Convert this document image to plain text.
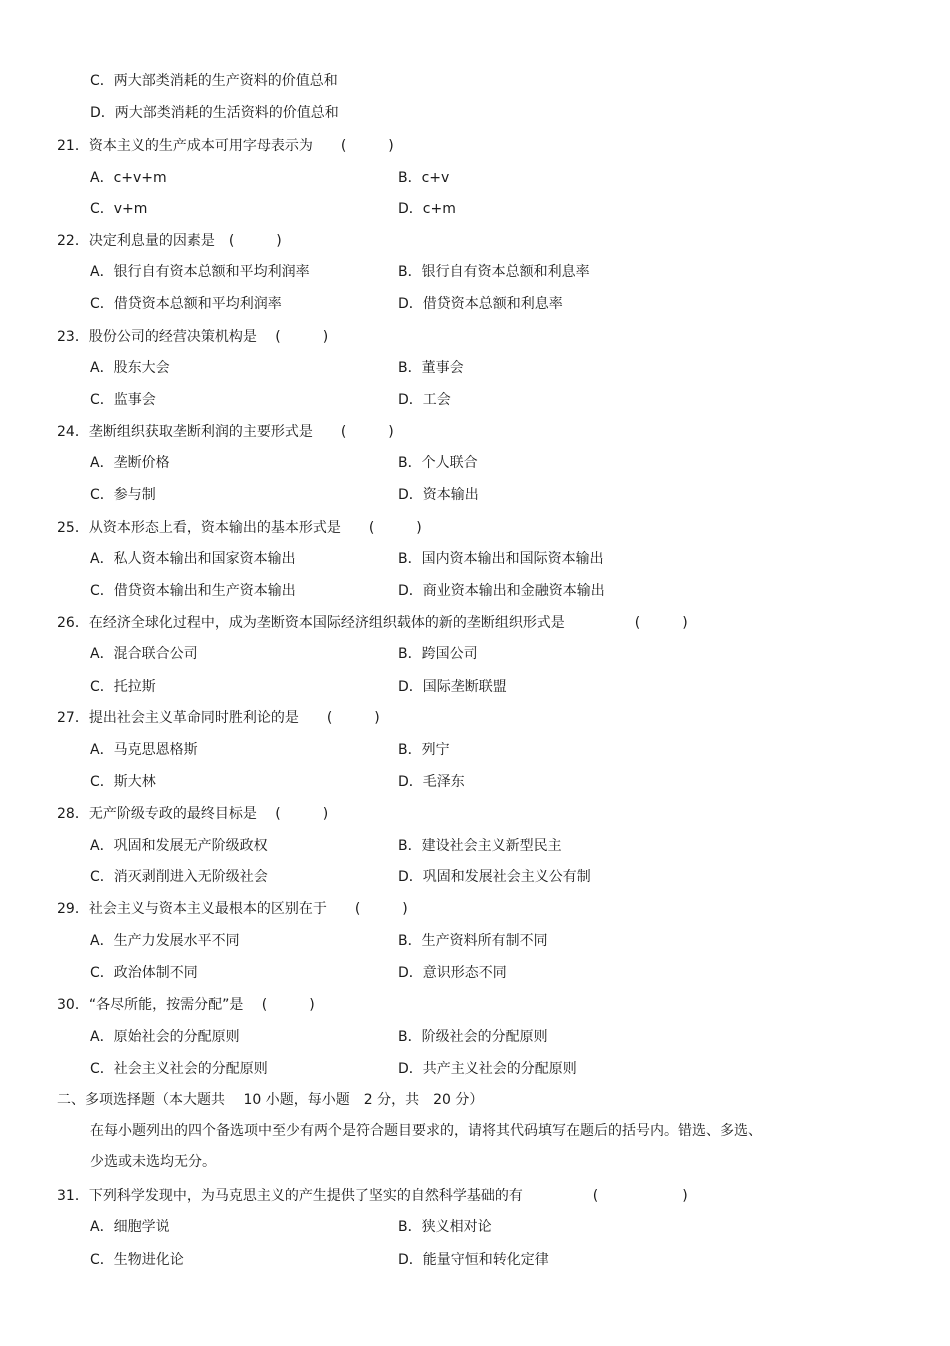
C．两大部类消耗的生产资料的价值总和
D．两大部类消耗的生活资料的价值总和
21．资本主义的生产成本可用字母表示为　　(　　　)
A．c+v+m	B．c+v
C．v+m	D．c+m
22．决定利息量的因素是　(　　　)
A．银行自有资本总额和平均利润率	B．银行自有资本总额和利息率
C．借贷资本总额和平均利润率	D．借贷资本总额和利息率
23．股份公司的经营决策机构是　 (　　　)
A．股东大会	B．董事会
C．监事会	D．工会
24．垄断组织获取垄断利润的主要形式是　　(　　　)
A．垄断价格	B．个人联合
C．参与制	D．资本输出
25．从资本形态上看，资本输出的基本形式是　　(　　　)
A．私人资本输出和国家资本输出	B．国内资本输出和国际资本输出
C．借贷资本输出和生产资本输出	D．商业资本输出和金融资本输出
26．在经济全球化过程中，成为垄断资本国际经济组织载体的新的垄断组织形式是　　　　　(　　　)
A．混合联合公司	B．跨国公司
C．托拉斯	D．国际垄断联盟
27．提出社会主义革命同时胜利论的是　　(　　　)
A．马克思恩格斯	B．列宁
C．斯大林	D．毛泽东
28．无产阶级专政的最终目标是　 (　　　)
A．巩固和发展无产阶级政权	B．建设社会主义新型民主
C．消灭剥削进入无阶级社会	D．巩固和发展社会主义公有制
29．社会主义与资本主义最根本的区别在于　　(　　　)
A．生产力发展水平不同	B．生产资料所有制不同
C．政治体制不同	D．意识形态不同
30．“各尽所能，按需分配”是　 (　　　)
A．原始社会的分配原则	B．阶级社会的分配原则
C．社会主义社会的分配原则	D．共产主义社会的分配原则
二、多项选择题（本大题共　 10 小题，每小题　2 分，共　20 分）
在每小题列出的四个备选项中至少有两个是符合题目要求的，请将其代码填写在题后的括号内。错选、多选、
少选或未选均无分。
31．下列科学发现中，为马克思主义的产生提供了坚实的自然科学基础的有　　　　　(　　　　　　)
A．细胞学说	B．狭义相对论
C．生物进化论	D．能量守恒和转化定律
